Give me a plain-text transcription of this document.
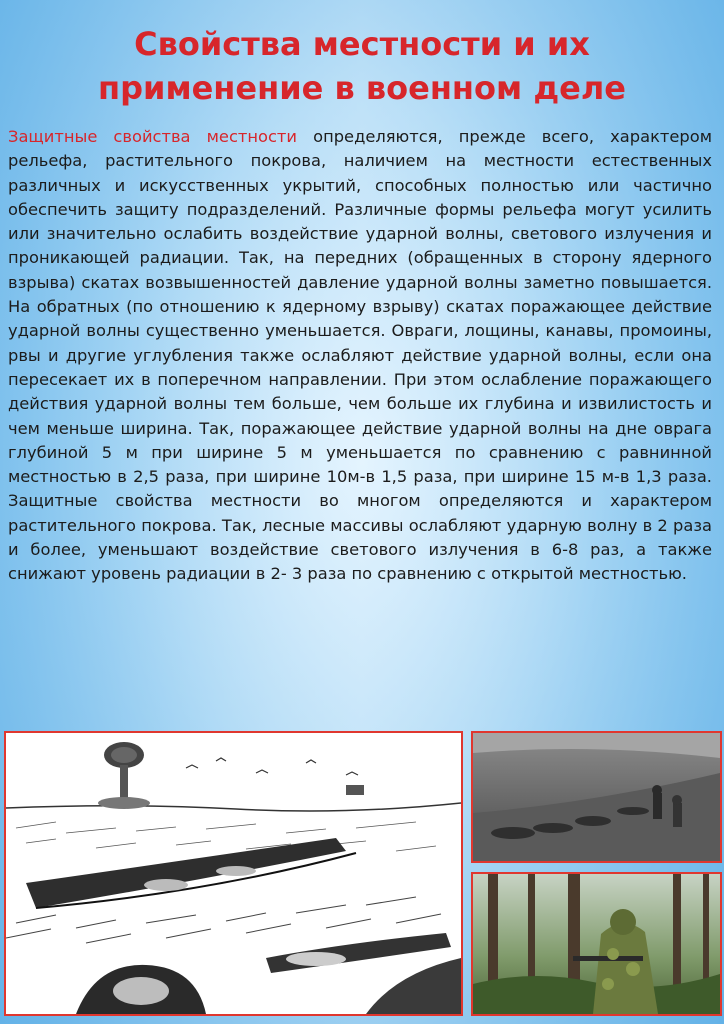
Свойства местности и их
применение в военном деле

Защитные свойства местности определяются, прежде всего, характером рельефа, растительного покрова, наличием на местности естественных различных и искусственных укрытий, способных полностью или частично обеспечить защиту подразделений. Различные формы рельефа могут усилить или значительно ослабить воздействие ударной волны, светового излучения и проникающей радиации. Так, на передних (обращенных в сторону ядерного взрыва) скатах возвышенностей давление ударной волны заметно повышается. На обратных (по отношению к ядерному взрыву) скатах поражающее действие ударной волны существенно уменьшается. Овраги, лощины, канавы, промоины, рвы и другие углубления также ослабляют действие ударной волны, если она пересекает их в поперечном направлении. При этом ослабление поражающего действия ударной волны тем больше, чем больше их глубина и извилистость и чем меньше ширина. Так, поражающее действие ударной волны на дне оврага глубиной 5 м при ширине 5 м уменьшается по сравнению с равнинной местностью в 2,5 раза, при ширине 10м-в 1,5 раза, при ширине 15 м-в 1,3 раза. Защитные свойства местности во многом определяются и характером растительного покрова. Так, лесные массивы ослабляют ударную волну в 2 раза и более, уменьшают воздействие светового излучения в 6-8 раз, а также снижают уровень радиации в 2- 3 раза по сравнению с открытой местностью.
